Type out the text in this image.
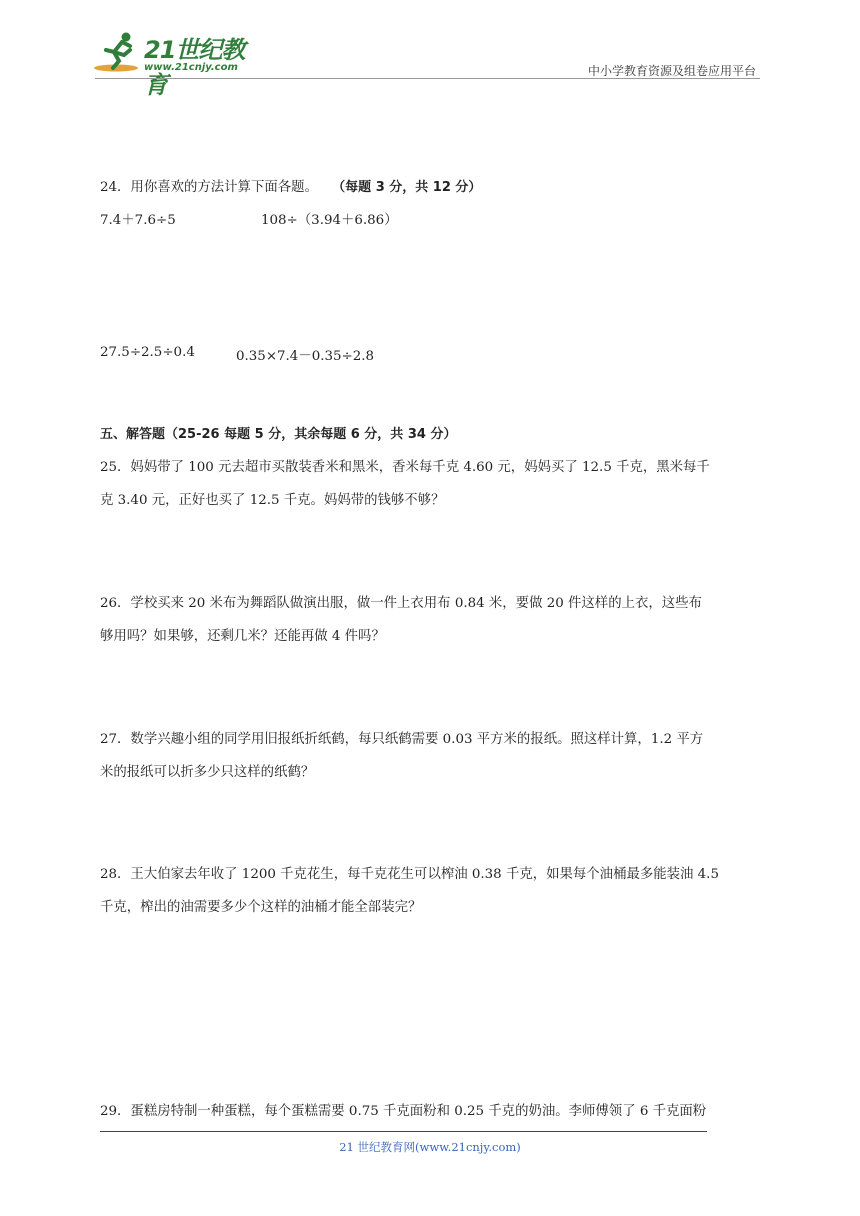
21世纪教育
www.21cnjy.com	中小学教育资源及组卷应用平台
24．用你喜欢的方法计算下面各题。 （每题 3 分，共 12 分）
7.4＋7.6÷5	108÷（3.94＋6.86）
27.5÷2.5÷0.4	0.35×7.4－0.35÷2.8
五、解答题（25-26 每题 5 分，其余每题 6 分，共 34 分）
25．妈妈带了 100 元去超市买散装香米和黑米，香米每千克 4.60 元，妈妈买了 12.5 千克，黑米每千
克 3.40 元，正好也买了 12.5 千克。妈妈带的钱够不够？
26．学校买来 20 米布为舞蹈队做演出服，做一件上衣用布 0.84 米，要做 20 件这样的上衣，这些布
够用吗？如果够，还剩几米？还能再做 4 件吗？
27．数学兴趣小组的同学用旧报纸折纸鹤，每只纸鹤需要 0.03 平方米的报纸。照这样计算，1.2 平方
米的报纸可以折多少只这样的纸鹤？
28．王大伯家去年收了 1200 千克花生，每千克花生可以榨油 0.38 千克，如果每个油桶最多能装油 4.5
千克，榨出的油需要多少个这样的油桶才能全部装完？
29．蛋糕房特制一种蛋糕，每个蛋糕需要 0.75 千克面粉和 0.25 千克的奶油。李师傅领了 6 千克面粉
21 世纪教育网(www.21cnjy.com)
